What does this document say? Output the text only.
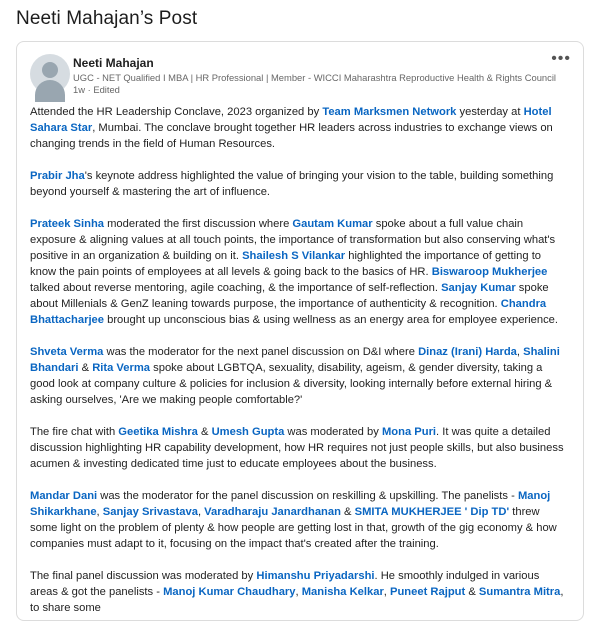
Neeti Mahajan’s Post
Neeti Mahajan
UGC - NET Qualified I MBA | HR Professional | Member - WICCI Maharashtra Reproductive Health & Rights Council
1w · Edited
•••

Attended the HR Leadership Conclave, 2023 organized by Team Marksmen Network yesterday at Hotel Sahara Star, Mumbai. The conclave brought together HR leaders across industries to exchange views on changing trends in the field of Human Resources.

Prabir Jha's keynote address highlighted the value of bringing your vision to the table, building something beyond yourself & mastering the art of influence.

Prateek Sinha moderated the first discussion where Gautam Kumar spoke about a full value chain exposure & aligning values at all touch points, the importance of transformation but also conserving what's positive in an organization & building on it. Shailesh S Vilankar highlighted the importance of getting to know the pain points of employees at all levels & going back to the basics of HR. Biswaroop Mukherjee talked about reverse mentoring, agile coaching, & the importance of self-reflection. Sanjay Kumar spoke about Millenials & GenZ leaning towards purpose, the importance of authenticity & recognition. Chandra Bhattacharjee brought up unconscious bias & using wellness as an energy area for employee experience.

Shveta Verma was the moderator for the next panel discussion on D&I where Dinaz (Irani) Harda, Shalini Bhandari & Rita Verma spoke about LGBTQA, sexuality, disability, ageism, & gender diversity, taking a good look at company culture & policies for inclusion & diversity, looking internally before external hiring & asking ourselves, 'Are we making people comfortable?'

The fire chat with Geetika Mishra & Umesh Gupta was moderated by Mona Puri. It was quite a detailed discussion highlighting HR capability development, how HR requires not just people skills, but also business acumen & investing dedicated time just to educate employees about the business.

Mandar Dani was the moderator for the panel discussion on reskilling & upskilling. The panelists - Manoj Shikarkhane, Sanjay Srivastava, Varadharaju Janardhanan & SMITA MUKHERJEE ' Dip TD' threw some light on the problem of plenty & how people are getting lost in that, growth of the gig economy & how companies must adapt to it, focusing on the impact that's created after the training.

The final panel discussion was moderated by Himanshu Priyadarshi. He smoothly indulged in various areas & got the panelists - Manoj Kumar Chaudhary, Manisha Kelkar, Puneet Rajput & Sumantra Mitra, to share some
